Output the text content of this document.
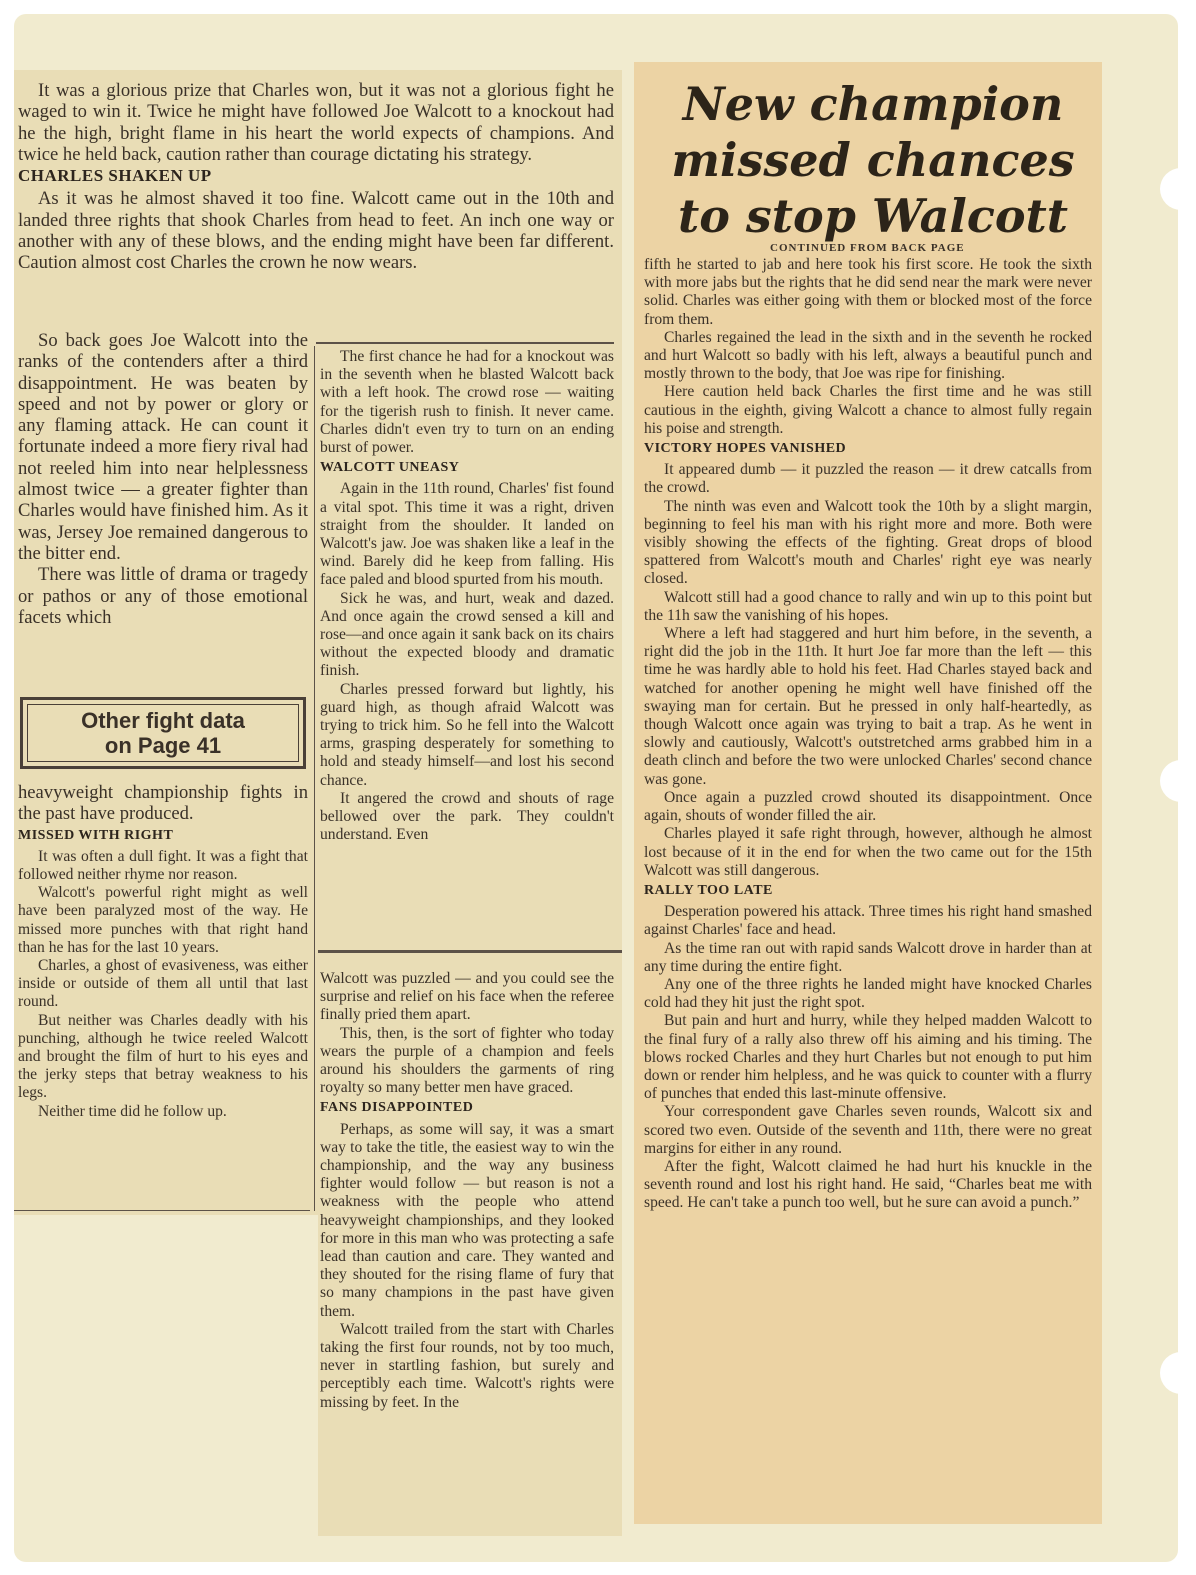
It was a glorious prize that Charles won, but it was not a glorious fight he waged to win it. Twice he might have followed Joe Walcott to a knockout had he the high, bright flame in his heart the world expects of champions. And twice he held back, caution rather than courage dictating his strategy.

CHARLES SHAKEN UP

As it was he almost shaved it too fine. Walcott came out in the 10th and landed three rights that shook Charles from head to feet. An inch one way or another with any of these blows, and the ending might have been far different. Caution almost cost Charles the crown he now wears.

So back goes Joe Walcott into the ranks of the contenders after a third disappointment. He was beaten by speed and not by power or glory or any flaming attack. He can count it fortunate indeed a more fiery rival had not reeled him into near helplessness almost twice — a greater fighter than Charles would have finished him. As it was, Jersey Joe remained dangerous to the bitter end.

There was little of drama or tragedy or pathos or any of those emotional facets which

Other fight data
on Page 41

heavyweight championship fights in the past have produced.

MISSED WITH RIGHT

It was often a dull fight. It was a fight that followed neither rhyme nor reason.

Walcott's powerful right might as well have been paralyzed most of the way. He missed more punches with that right hand than he has for the last 10 years.

Charles, a ghost of evasiveness, was either inside or outside of them all until that last round.

But neither was Charles deadly with his punching, although he twice reeled Walcott and brought the film of hurt to his eyes and the jerky steps that betray weakness to his legs.

Neither time did he follow up.

The first chance he had for a knockout was in the seventh when he blasted Walcott back with a left hook. The crowd rose — waiting for the tigerish rush to finish. It never came. Charles didn't even try to turn on an ending burst of power.

WALCOTT UNEASY

Again in the 11th round, Charles' fist found a vital spot. This time it was a right, driven straight from the shoulder. It landed on Walcott's jaw. Joe was shaken like a leaf in the wind. Barely did he keep from falling. His face paled and blood spurted from his mouth.

Sick he was, and hurt, weak and dazed. And once again the crowd sensed a kill and rose—and once again it sank back on its chairs without the expected bloody and dramatic finish.

Charles pressed forward but lightly, his guard high, as though afraid Walcott was trying to trick him. So he fell into the Walcott arms, grasping desperately for something to hold and steady himself—and lost his second chance.

It angered the crowd and shouts of rage bellowed over the park. They couldn't understand. Even

Walcott was puzzled — and you could see the surprise and relief on his face when the referee finally pried them apart.

This, then, is the sort of fighter who today wears the purple of a champion and feels around his shoulders the garments of ring royalty so many better men have graced.

FANS DISAPPOINTED

Perhaps, as some will say, it was a smart way to take the title, the easiest way to win the championship, and the way any business fighter would follow — but reason is not a weakness with the people who attend heavyweight championships, and they looked for more in this man who was protecting a safe lead than caution and care. They wanted and they shouted for the rising flame of fury that so many champions in the past have given them.

Walcott trailed from the start with Charles taking the first four rounds, not by too much, never in startling fashion, but surely and perceptibly each time. Walcott's rights were missing by feet. In the

New champion
missed chances
to stop Walcott
CONTINUED FROM BACK PAGE

fifth he started to jab and here took his first score. He took the sixth with more jabs but the rights that he did send near the mark were never solid. Charles was either going with them or blocked most of the force from them.

Charles regained the lead in the sixth and in the seventh he rocked and hurt Walcott so badly with his left, always a beautiful punch and mostly thrown to the body, that Joe was ripe for finishing.

Here caution held back Charles the first time and he was still cautious in the eighth, giving Walcott a chance to almost fully regain his poise and strength.

VICTORY HOPES VANISHED

It appeared dumb — it puzzled the reason — it drew catcalls from the crowd.

The ninth was even and Walcott took the 10th by a slight margin, beginning to feel his man with his right more and more. Both were visibly showing the effects of the fighting. Great drops of blood spattered from Walcott's mouth and Charles' right eye was nearly closed.

Walcott still had a good chance to rally and win up to this point but the 11h saw the vanishing of his hopes.

Where a left had staggered and hurt him before, in the seventh, a right did the job in the 11th. It hurt Joe far more than the left — this time he was hardly able to hold his feet. Had Charles stayed back and watched for another opening he might well have finished off the swaying man for certain. But he pressed in only half-heartedly, as though Walcott once again was trying to bait a trap. As he went in slowly and cautiously, Walcott's outstretched arms grabbed him in a death clinch and before the two were unlocked Charles' second chance was gone.

Once again a puzzled crowd shouted its disappointment. Once again, shouts of wonder filled the air.

Charles played it safe right through, however, although he almost lost because of it in the end for when the two came out for the 15th Walcott was still dangerous.

RALLY TOO LATE

Desperation powered his attack. Three times his right hand smashed against Charles' face and head.

As the time ran out with rapid sands Walcott drove in harder than at any time during the entire fight.

Any one of the three rights he landed might have knocked Charles cold had they hit just the right spot.

But pain and hurt and hurry, while they helped madden Walcott to the final fury of a rally also threw off his aiming and his timing. The blows rocked Charles and they hurt Charles but not enough to put him down or render him helpless, and he was quick to counter with a flurry of punches that ended this last-minute offensive.

Your correspondent gave Charles seven rounds, Walcott six and scored two even. Outside of the seventh and 11th, there were no great margins for either in any round.

After the fight, Walcott claimed he had hurt his knuckle in the seventh round and lost his right hand. He said, “Charles beat me with speed. He can't take a punch too well, but he sure can avoid a punch.”
